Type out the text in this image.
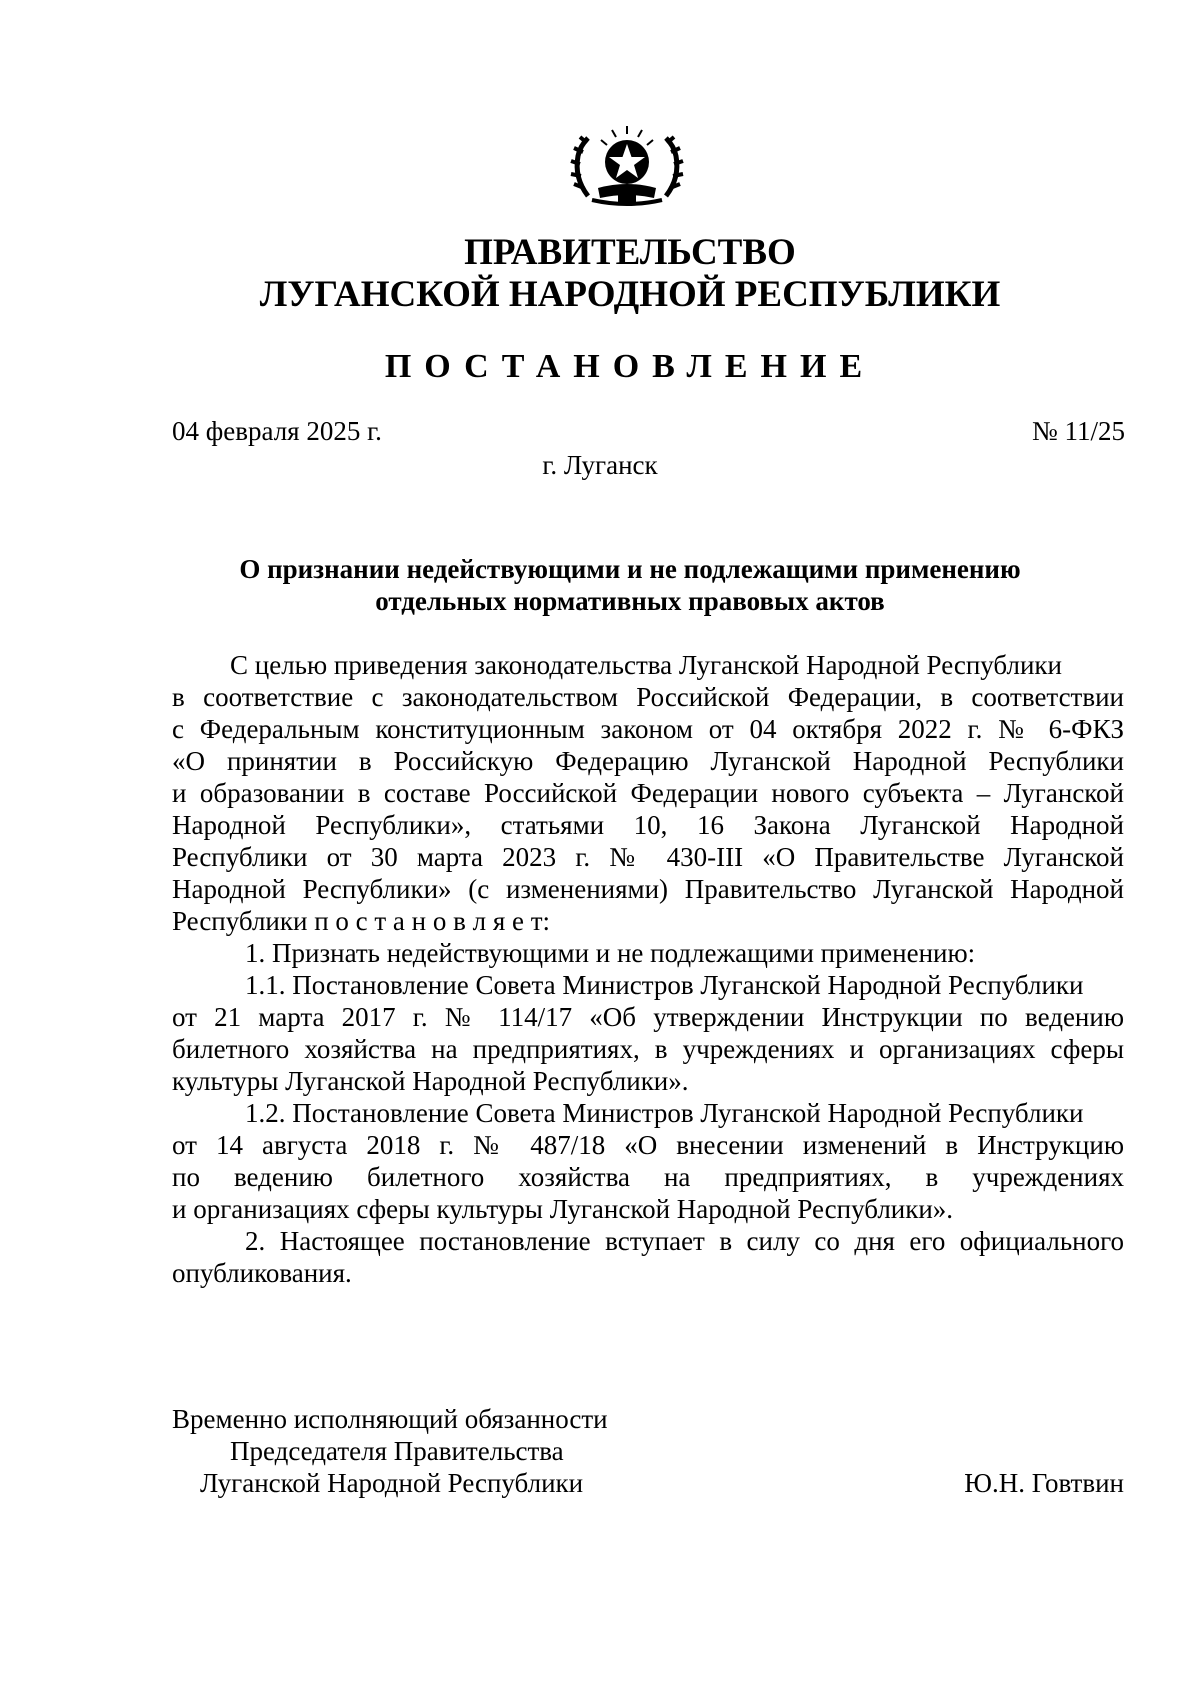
ПРАВИТЕЛЬСТВО
ЛУГАНСКОЙ НАРОДНОЙ РЕСПУБЛИКИ
ПОСТАНОВЛЕНИЕ
04 февраля 2025 г.	№ 11/25
г. Луганск
О признании недействующими и не подлежащими применению
отдельных нормативных правовых актов
С целью приведения законодательства Луганской Народной Республики
в соответствие с законодательством Российской Федерации, в соответствии
с Федеральным конституционным законом от 04 октября 2022 г. № 6-ФКЗ
«О принятии в Российскую Федерацию Луганской Народной Республики
и образовании в составе Российской Федерации нового субъекта – Луганской
Народной Республики», статьями 10, 16 Закона Луганской Народной
Республики от 30 марта 2023 г. № 430-III «О Правительстве Луганской
Народной Республики» (с изменениями) Правительство Луганской Народной
Республики п о с т а н о в л я е т:
1. Признать недействующими и не подлежащими применению:
1.1. Постановление Совета Министров Луганской Народной Республики
от 21 марта 2017 г. № 114/17 «Об утверждении Инструкции по ведению
билетного хозяйства на предприятиях, в учреждениях и организациях сферы
культуры Луганской Народной Республики».
1.2. Постановление Совета Министров Луганской Народной Республики
от 14 августа 2018 г. № 487/18 «О внесении изменений в Инструкцию
по ведению билетного хозяйства на предприятиях, в учреждениях
и организациях сферы культуры Луганской Народной Республики».
2. Настоящее постановление вступает в силу со дня его официального
опубликования.
Временно исполняющий обязанности
Председателя Правительства
Луганской Народной Республики	Ю.Н. Говтвин
